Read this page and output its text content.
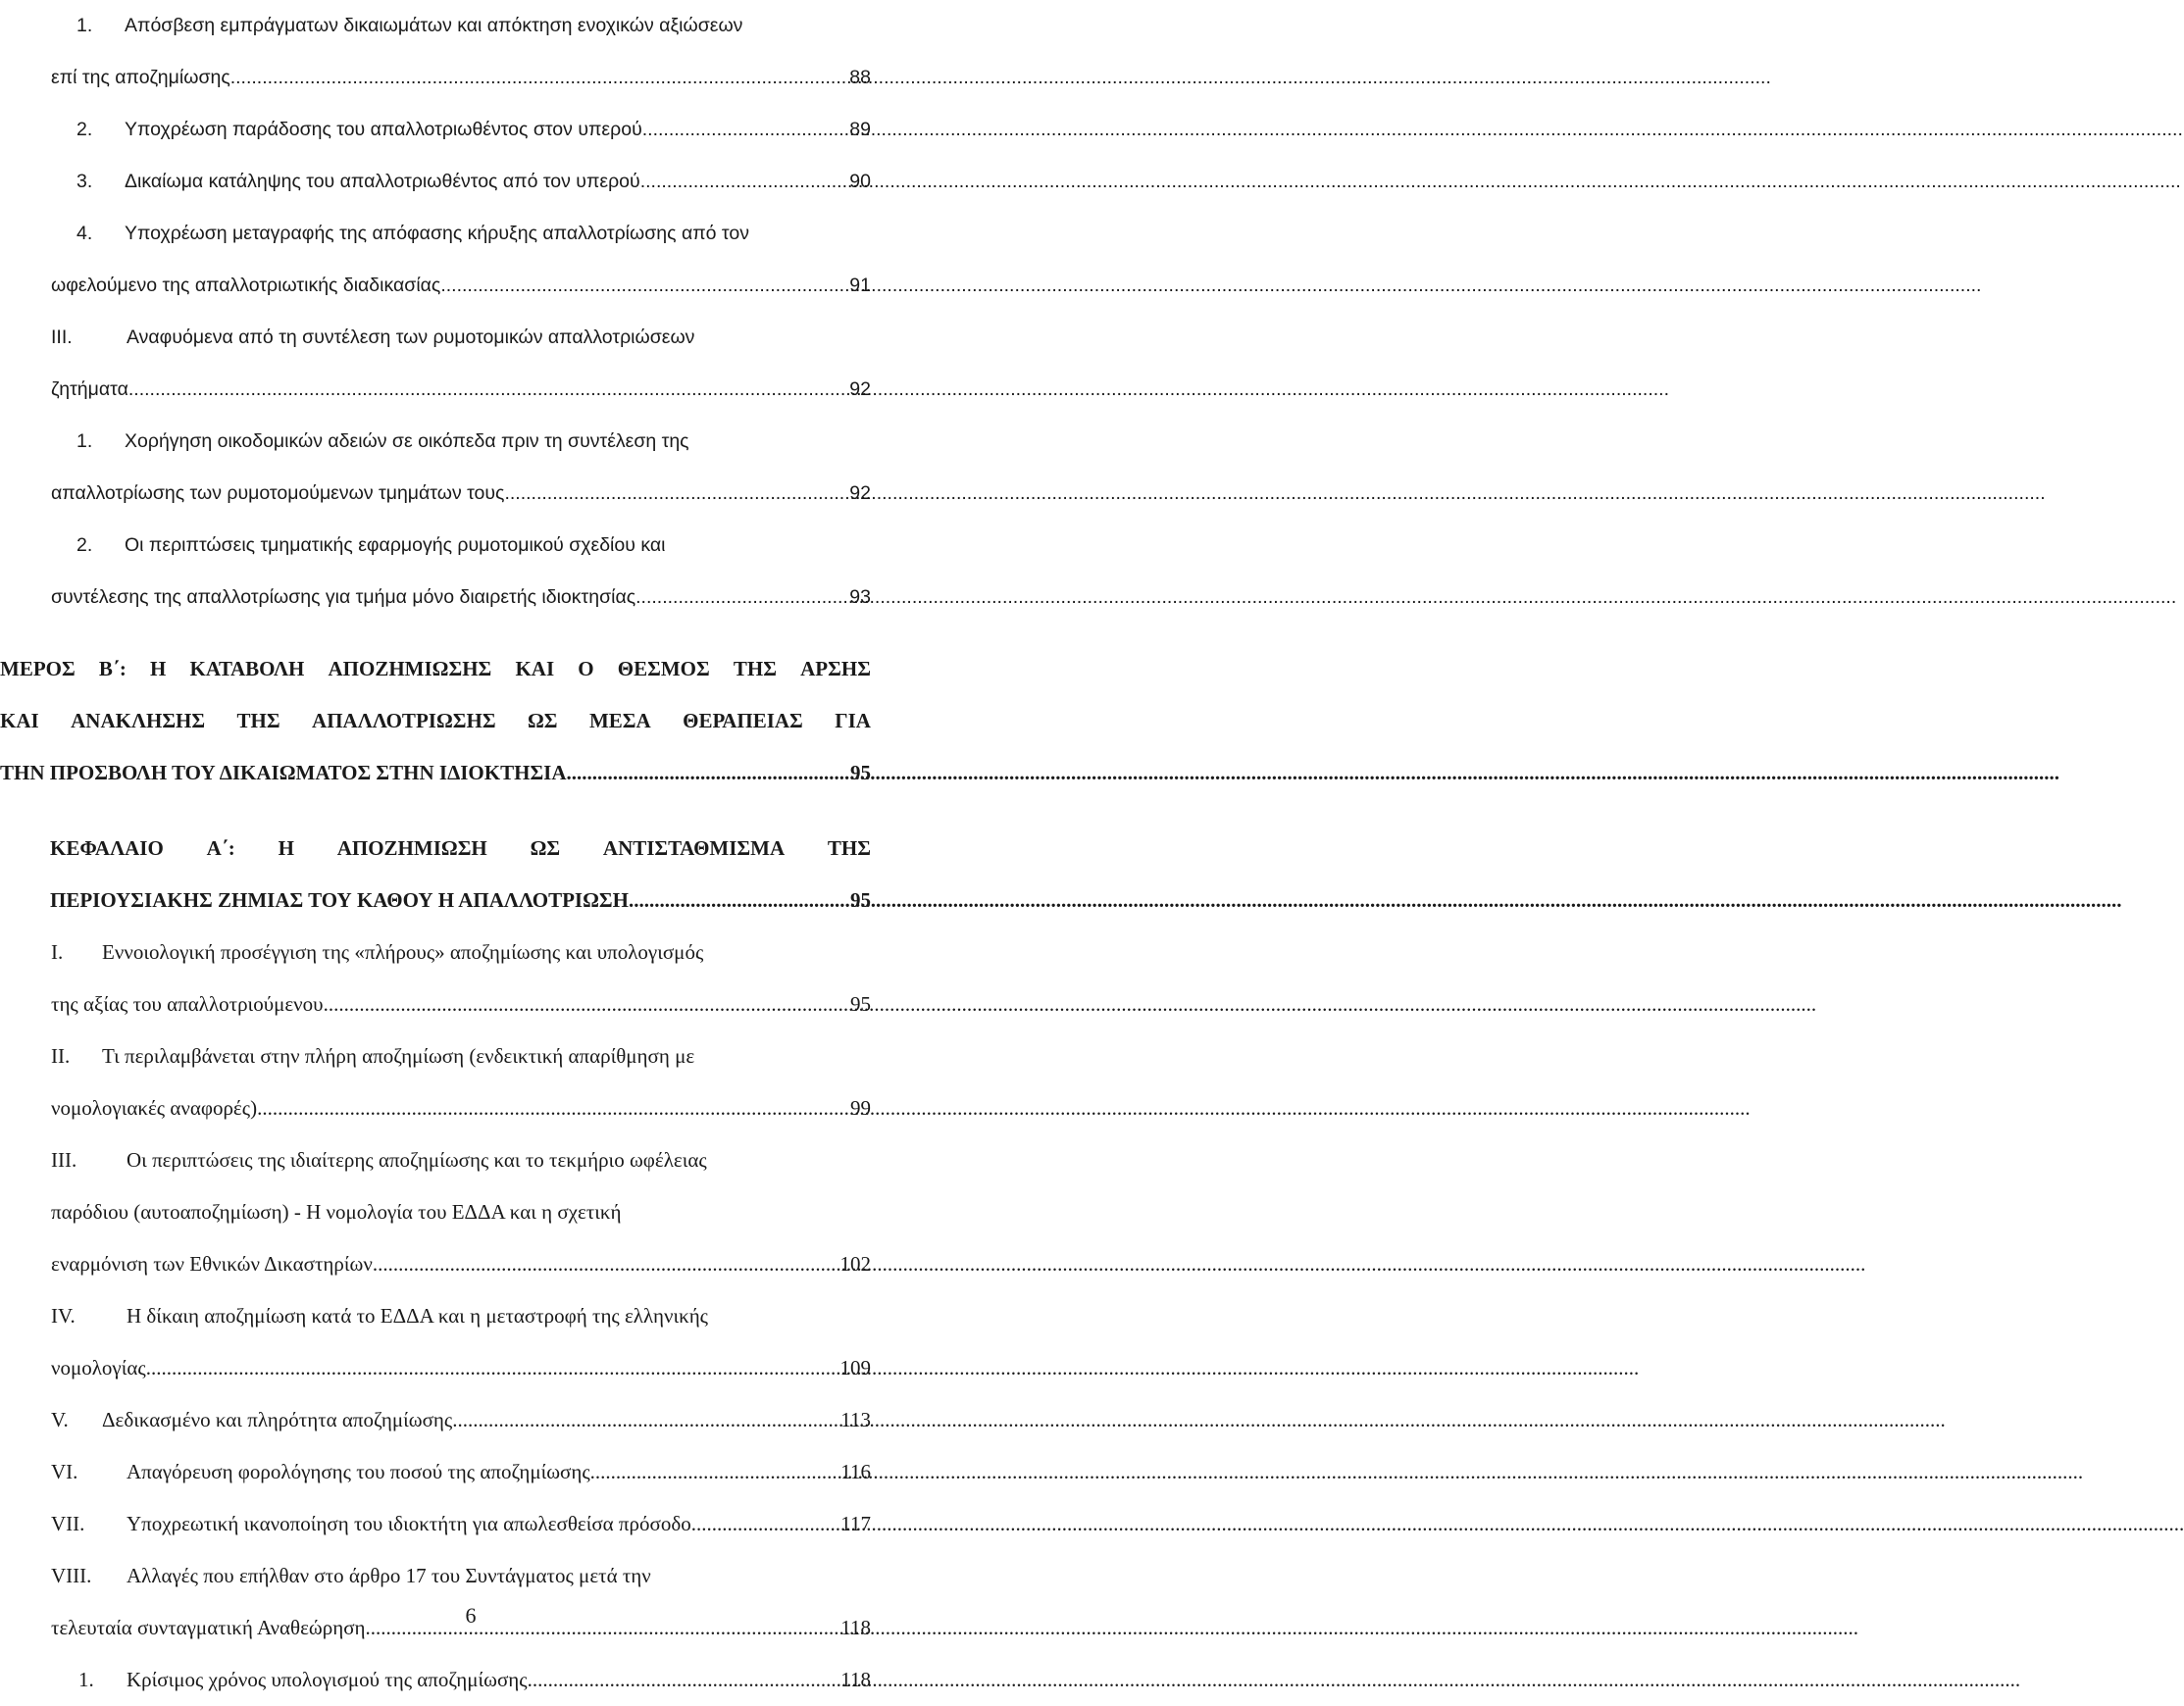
1.	Απόσβεση εμπράγματων δικαιωμάτων και απόκτηση ενοχικών αξιώσεων
επί της αποζημίωσης .....	88
2.	Υποχρέωση παράδοσης του απαλλοτριωθέντος στον υπερού .....	89
3.	Δικαίωμα κατάληψης του απαλλοτριωθέντος από τον υπερού .....	90
4.	Υποχρέωση μεταγραφής της απόφασης κήρυξης απαλλοτρίωσης από τον
ωφελούμενο της απαλλοτριωτικής διαδικασίας .....	91
III.	Αναφυόμενα από τη συντέλεση των ρυμοτομικών απαλλοτριώσεων
ζητήματα .....	92
1.	Χορήγηση οικοδομικών αδειών σε οικόπεδα πριν τη συντέλεση της
απαλλοτρίωσης των ρυμοτομούμενων τμημάτων τους .....	92
2.	Οι περιπτώσεις τμηματικής εφαρμογής ρυμοτομικού σχεδίου και
συντέλεσης της απαλλοτρίωσης για τμήμα μόνο διαιρετής ιδιοκτησίας .....	93
ΜΕΡΟΣ Β΄: Η ΚΑΤΑΒΟΛΗ ΑΠΟΖΗΜΙΩΣΗΣ ΚΑΙ Ο ΘΕΣΜΟΣ ΤΗΣ ΑΡΣΗΣ
ΚΑΙ ΑΝΑΚΛΗΣΗΣ ΤΗΣ ΑΠΑΛΛΟΤΡΙΩΣΗΣ ΩΣ ΜΕΣΑ ΘΕΡΑΠΕΙΑΣ ΓΙΑ
ΤΗΝ ΠΡΟΣΒΟΛΗ ΤΟΥ ΔΙΚΑΙΩΜΑΤΟΣ ΣΤΗΝ ΙΔΙΟΚΤΗΣΙΑ .....	95
ΚΕΦΑΛΑΙΟ Α΄: Η ΑΠΟΖΗΜΙΩΣΗ ΩΣ ΑΝΤΙΣΤΑΘΜΙΣΜΑ ΤΗΣ
ΠΕΡΙΟΥΣΙΑΚΗΣ ΖΗΜΙΑΣ ΤΟΥ ΚΑΘΟΥ Η ΑΠΑΛΛΟΤΡΙΩΣΗ .....	95
I.	Εννοιολογική προσέγγιση της «πλήρους» αποζημίωσης και υπολογισμός
της αξίας του απαλλοτριούμενου .....	95
II.	Τι περιλαμβάνεται στην πλήρη αποζημίωση (ενδεικτική απαρίθμηση με
νομολογιακές αναφορές) .....	99
III.	Οι περιπτώσεις της ιδιαίτερης αποζημίωσης και το τεκμήριο ωφέλειας
παρόδιου (αυτοαποζημίωση) - Η νομολογία του ΕΔΔΑ και η σχετική
εναρμόνιση των Εθνικών Δικαστηρίων .....	102
IV.	Η δίκαιη αποζημίωση κατά το ΕΔΔΑ και η μεταστροφή της ελληνικής
νομολογίας .....	109
V.	Δεδικασμένο και πληρότητα αποζημίωσης .....	113
VI.	Απαγόρευση φορολόγησης του ποσού της αποζημίωσης .....	116
VII.	Υποχρεωτική ικανοποίηση του ιδιοκτήτη για απωλεσθείσα πρόσοδο .....	117
VIII.	Αλλαγές που επήλθαν στο άρθρο 17 του Συντάγματος μετά την
τελευταία συνταγματική Αναθεώρηση .....	118
1.	Κρίσιμος χρόνος υπολογισμού της αποζημίωσης .....	118
6
